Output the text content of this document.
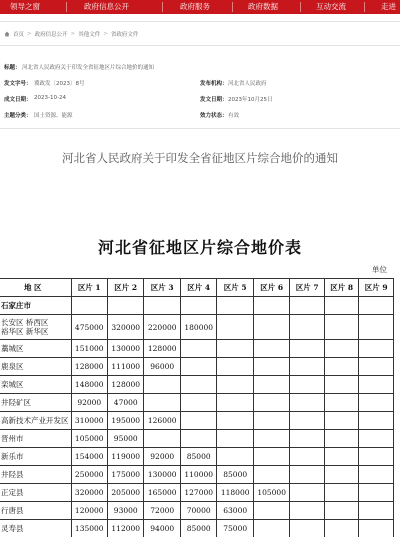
领导之窗	政府信息公开	政府服务	政府数据	互动交流	走进
首页 > 政府信息公开 > 其他文件 > 省政府文件
标题： 河北省人民政府关于印发全省征地区片综合地价的通知
发文字号： 冀政发〔2023〕8号	发布机构： 河北省人民政府
成文日期： 2023-10-24	发文日期： 2023年10月25日
主题分类： 国土资源、能源	效力状态： 有效
河北省人民政府关于印发全省征地区片综合地价的通知
河北省征地区片综合地价表
单位
地 区	区片 1	区片 2	区片 3	区片 4	区片 5	区片 6	区片 7	区片 8	区片 9

石家庄市									

长安区 桥西区
裕华区 新华区	475000	320000	220000	180000					

藁城区	151000	130000	128000						

鹿泉区	128000	111000	96000						

栾城区	148000	128000							

井陉矿区	92000	47000							

高新技术产业开发区	310000	195000	126000						

晋州市	105000	95000							

新乐市	154000	119000	92000	85000					

井陉县	250000	175000	130000	110000	85000				

正定县	320000	205000	165000	127000	118000	105000			

行唐县	120000	93000	72000	70000	63000				

灵寿县	135000	112000	94000	85000	75000				
